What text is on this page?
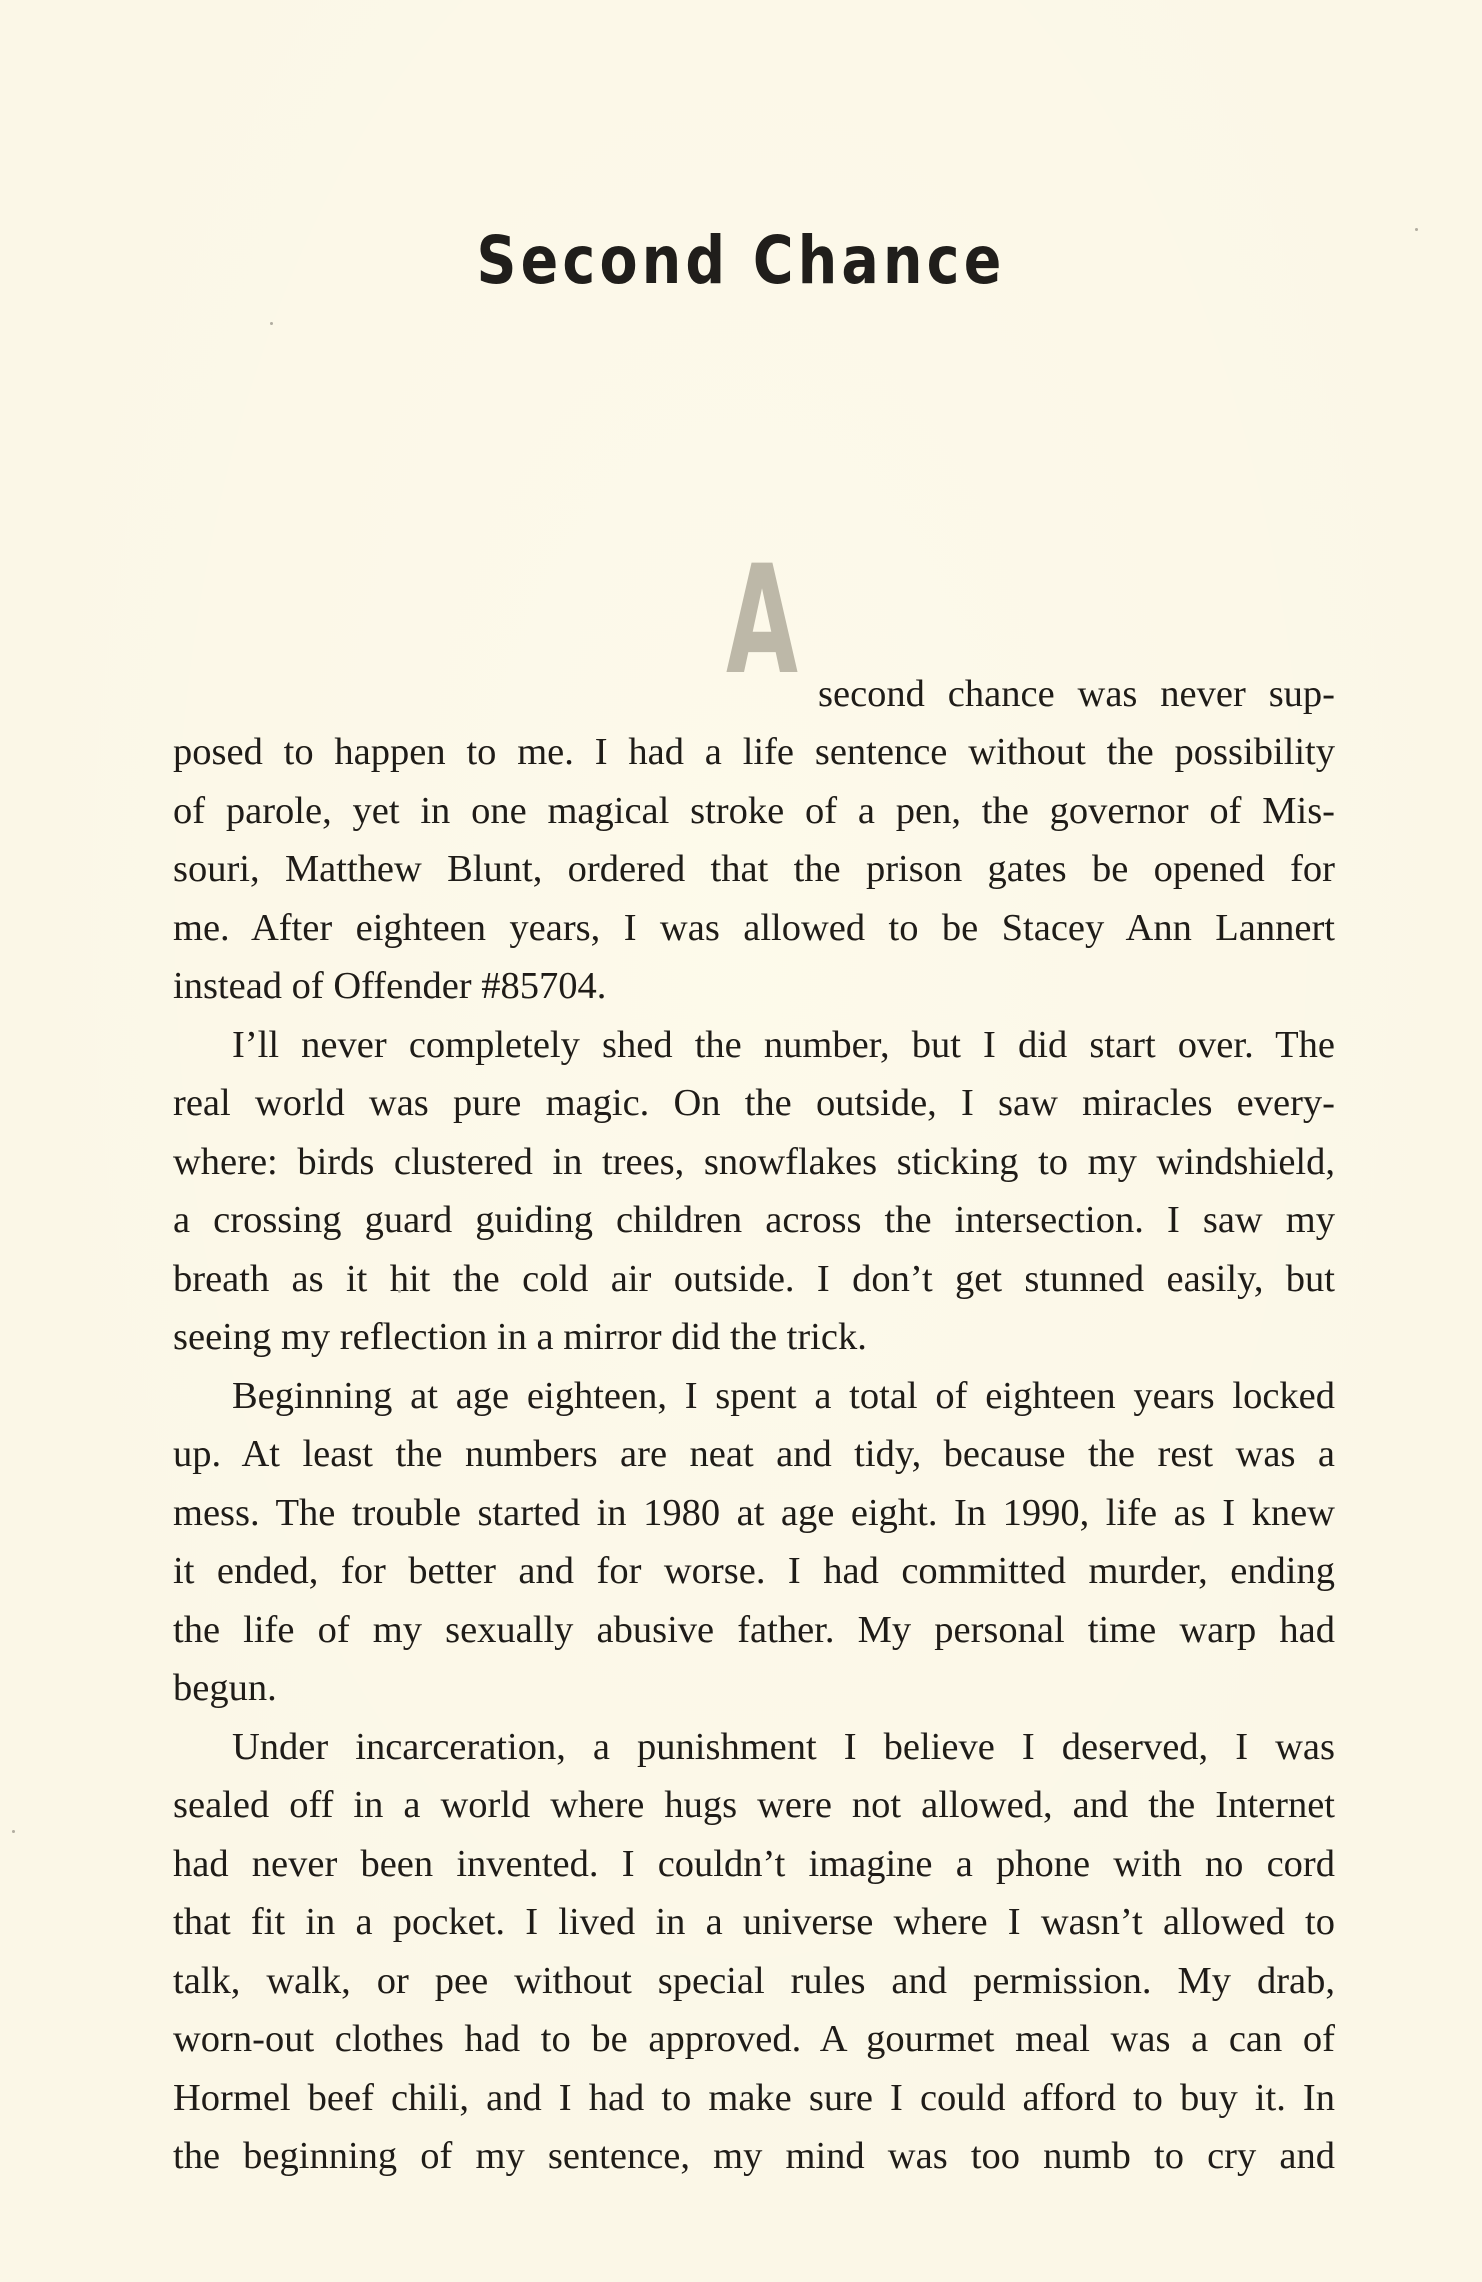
Second Chance
A second chance was never sup-

posed to happen to me. I had a life sentence without the possibility

of parole, yet in one magical stroke of a pen, the governor of Mis-

souri, Matthew Blunt, ordered that the prison gates be opened for

me. After eighteen years, I was allowed to be Stacey Ann Lannert

instead of Offender #85704.

I’ll never completely shed the number, but I did start over. The

real world was pure magic. On the outside, I saw miracles every-

where: birds clustered in trees, snowflakes sticking to my windshield,

a crossing guard guiding children across the intersection. I saw my

breath as it hit the cold air outside. I don’t get stunned easily, but

seeing my reflection in a mirror did the trick.

Beginning at age eighteen, I spent a total of eighteen years locked

up. At least the numbers are neat and tidy, because the rest was a

mess. The trouble started in 1980 at age eight. In 1990, life as I knew

it ended, for better and for worse. I had committed murder, ending

the life of my sexually abusive father. My personal time warp had

begun.

Under incarceration, a punishment I believe I deserved, I was

sealed off in a world where hugs were not allowed, and the Internet

had never been invented. I couldn’t imagine a phone with no cord

that fit in a pocket. I lived in a universe where I wasn’t allowed to

talk, walk, or pee without special rules and permission. My drab,

worn-out clothes had to be approved. A gourmet meal was a can of

Hormel beef chili, and I had to make sure I could afford to buy it. In

the beginning of my sentence, my mind was too numb to cry and
